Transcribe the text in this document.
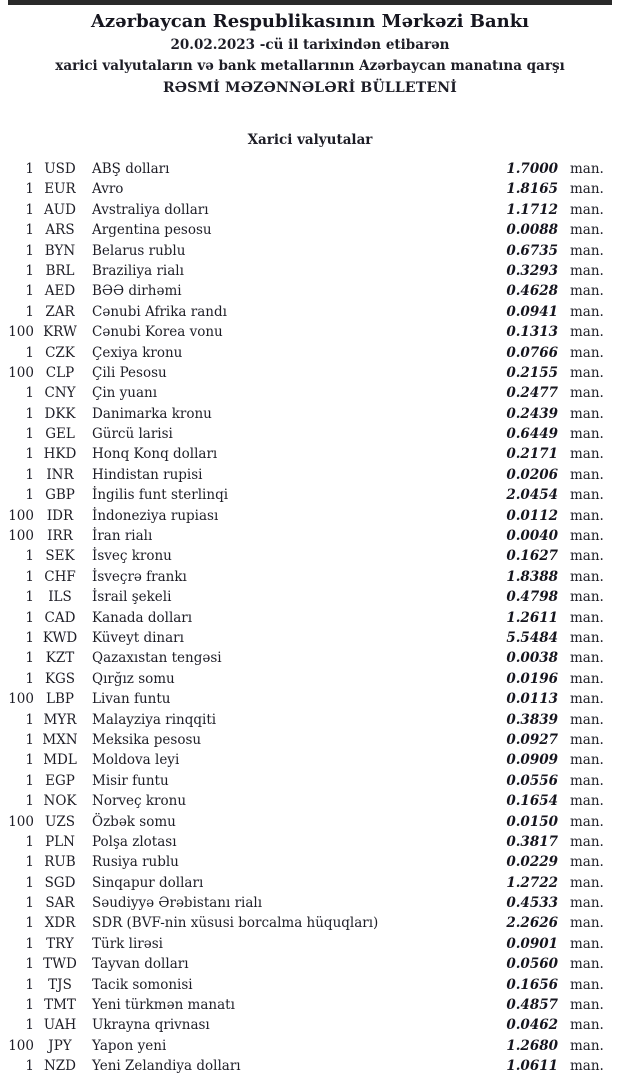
Azərbaycan Respublikasının Mərkəzi Bankı
20.02.2023 -cü il tarixindən etibarən
xarici valyutaların və bank metallarının Azərbaycan manatına qarşı
RƏSMİ MƏZƏNNƏLƏRİ BÜLLETENİ
Xarici valyutalar
1 USD	ABŞ dolları	1.7000 man.
1 EUR	Avro	1.8165 man.
1 AUD	Avstraliya dolları	1.1712 man.
1 ARS	Argentina pesosu	0.0088 man.
1 BYN	Belarus rublu	0.6735 man.
1 BRL	Braziliya rialı	0.3293 man.
1 AED	BƏƏ dirhəmi	0.4628 man.
1 ZAR	Cənubi Afrika randı	0.0941 man.
100 KRW	Cənubi Korea vonu	0.1313 man.
1 CZK	Çexiya kronu	0.0766 man.
100 CLP	Çili Pesosu	0.2155 man.
1 CNY	Çin yuanı	0.2477 man.
1 DKK	Danimarka kronu	0.2439 man.
1 GEL	Gürcü larisi	0.6449 man.
1 HKD	Honq Konq dolları	0.2171 man.
1 INR	Hindistan rupisi	0.0206 man.
1 GBP	İngilis funt sterlinqi	2.0454 man.
100 IDR	İndoneziya rupiası	0.0112 man.
100 IRR	İran rialı	0.0040 man.
1 SEK	İsveç kronu	0.1627 man.
1 CHF	İsveçrə frankı	1.8388 man.
1	ILS	İsrail şekeli	0.4798 man.
1 CAD	Kanada dolları	1.2611 man.
1 KWD	Küveyt dinarı	5.5484 man.
1 KZT	Qazaxıstan tengəsi	0.0038 man.
1 KGS	Qırğız somu	0.0196 man.
100 LBP	Livan funtu	0.0113 man.
1 MYR	Malayziya rinqqiti	0.3839 man.
1 MXN	Meksika pesosu	0.0927 man.
1 MDL	Moldova leyi	0.0909 man.
1 EGP	Misir funtu	0.0556 man.
1 NOK	Norveç kronu	0.1654 man.
100 UZS	Özbək somu	0.0150 man.
1 PLN	Polşa zlotası	0.3817 man.
1 RUB	Rusiya rublu	0.0229 man.
1 SGD	Sinqapur dolları	1.2722 man.
1 SAR	Səudiyyə Ərəbistanı rialı	0.4533 man.
1 XDR	SDR (BVF-nin xüsusi borcalma hüquqları)	2.2626 man.
1 TRY	Türk lirəsi	0.0901 man.
1 TWD	Tayvan dolları	0.0560 man.
1	TJS	Tacik somonisi	0.1656 man.
1 TMT	Yeni türkmən manatı	0.4857 man.
1 UAH	Ukrayna qrivnası	0.0462 man.
100	JPY	Yapon yeni	1.2680 man.
1 NZD	Yeni Zelandiya dolları	1.0611 man.
